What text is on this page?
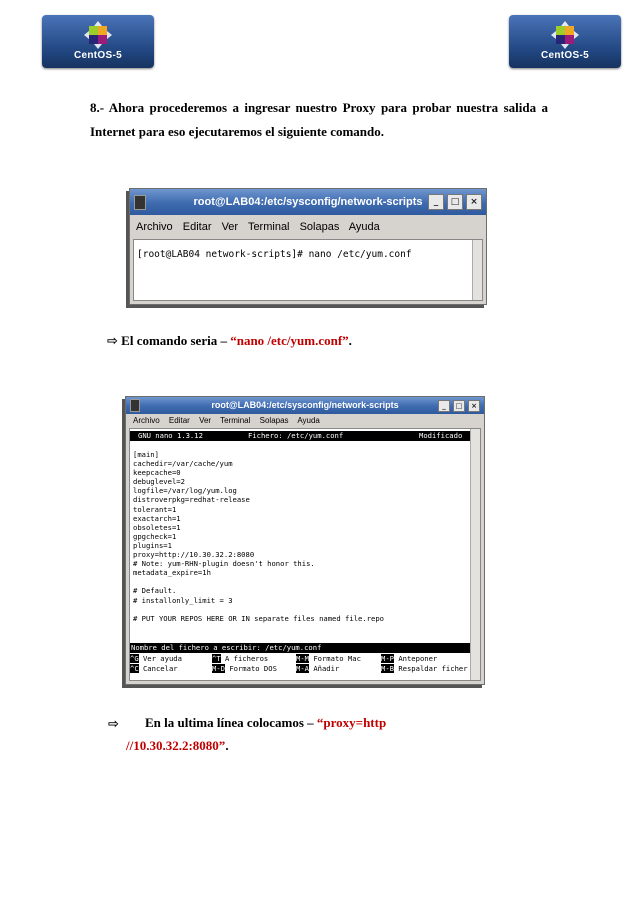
CentOS-5	CentOS-5
8.- Ahora procederemos a ingresar nuestro Proxy para probar nuestra salida a Internet para eso ejecutaremos el siguiente comando.
root@LAB04:/etc/sysconfig/network-scripts	_	□	×
Archivo Editar Ver Terminal Solapas Ayuda
[root@LAB04 network-scripts]# nano /etc/yum.conf
⇨ El comando seria – “nano /etc/yum.conf”.
root@LAB04:/etc/sysconfig/network-scripts	_	□	×
Archivo Editar Ver Terminal Solapas Ayuda

GNU nano 1.3.12

	Fichero: /etc/yum.conf

	Modificado

[main]
cachedir=/var/cache/yum
keepcache=0
debuglevel=2
logfile=/var/log/yum.log
distroverpkg=redhat-release
tolerant=1
exactarch=1
obsoletes=1
gpgcheck=1
plugins=1
proxy=http://10.30.32.2:8080
# Note: yum-RHN-plugin doesn't honor this.
metadata_expire=1h
# Default.
# installonly_limit = 3
# PUT YOUR REPOS HERE OR IN separate files named file.repo
Nombre del fichero a escribir: /etc/yum.conf
^G Ver ayuda	^T A ficheros	M-M Formato Mac	M-P Anteponer
^C Cancelar	M-D Formato DOS	M-A Añadir	M-B Respaldar ficher
⇨ En la ultima línea colocamos – “proxy=http
//10.30.32.2:8080”.
